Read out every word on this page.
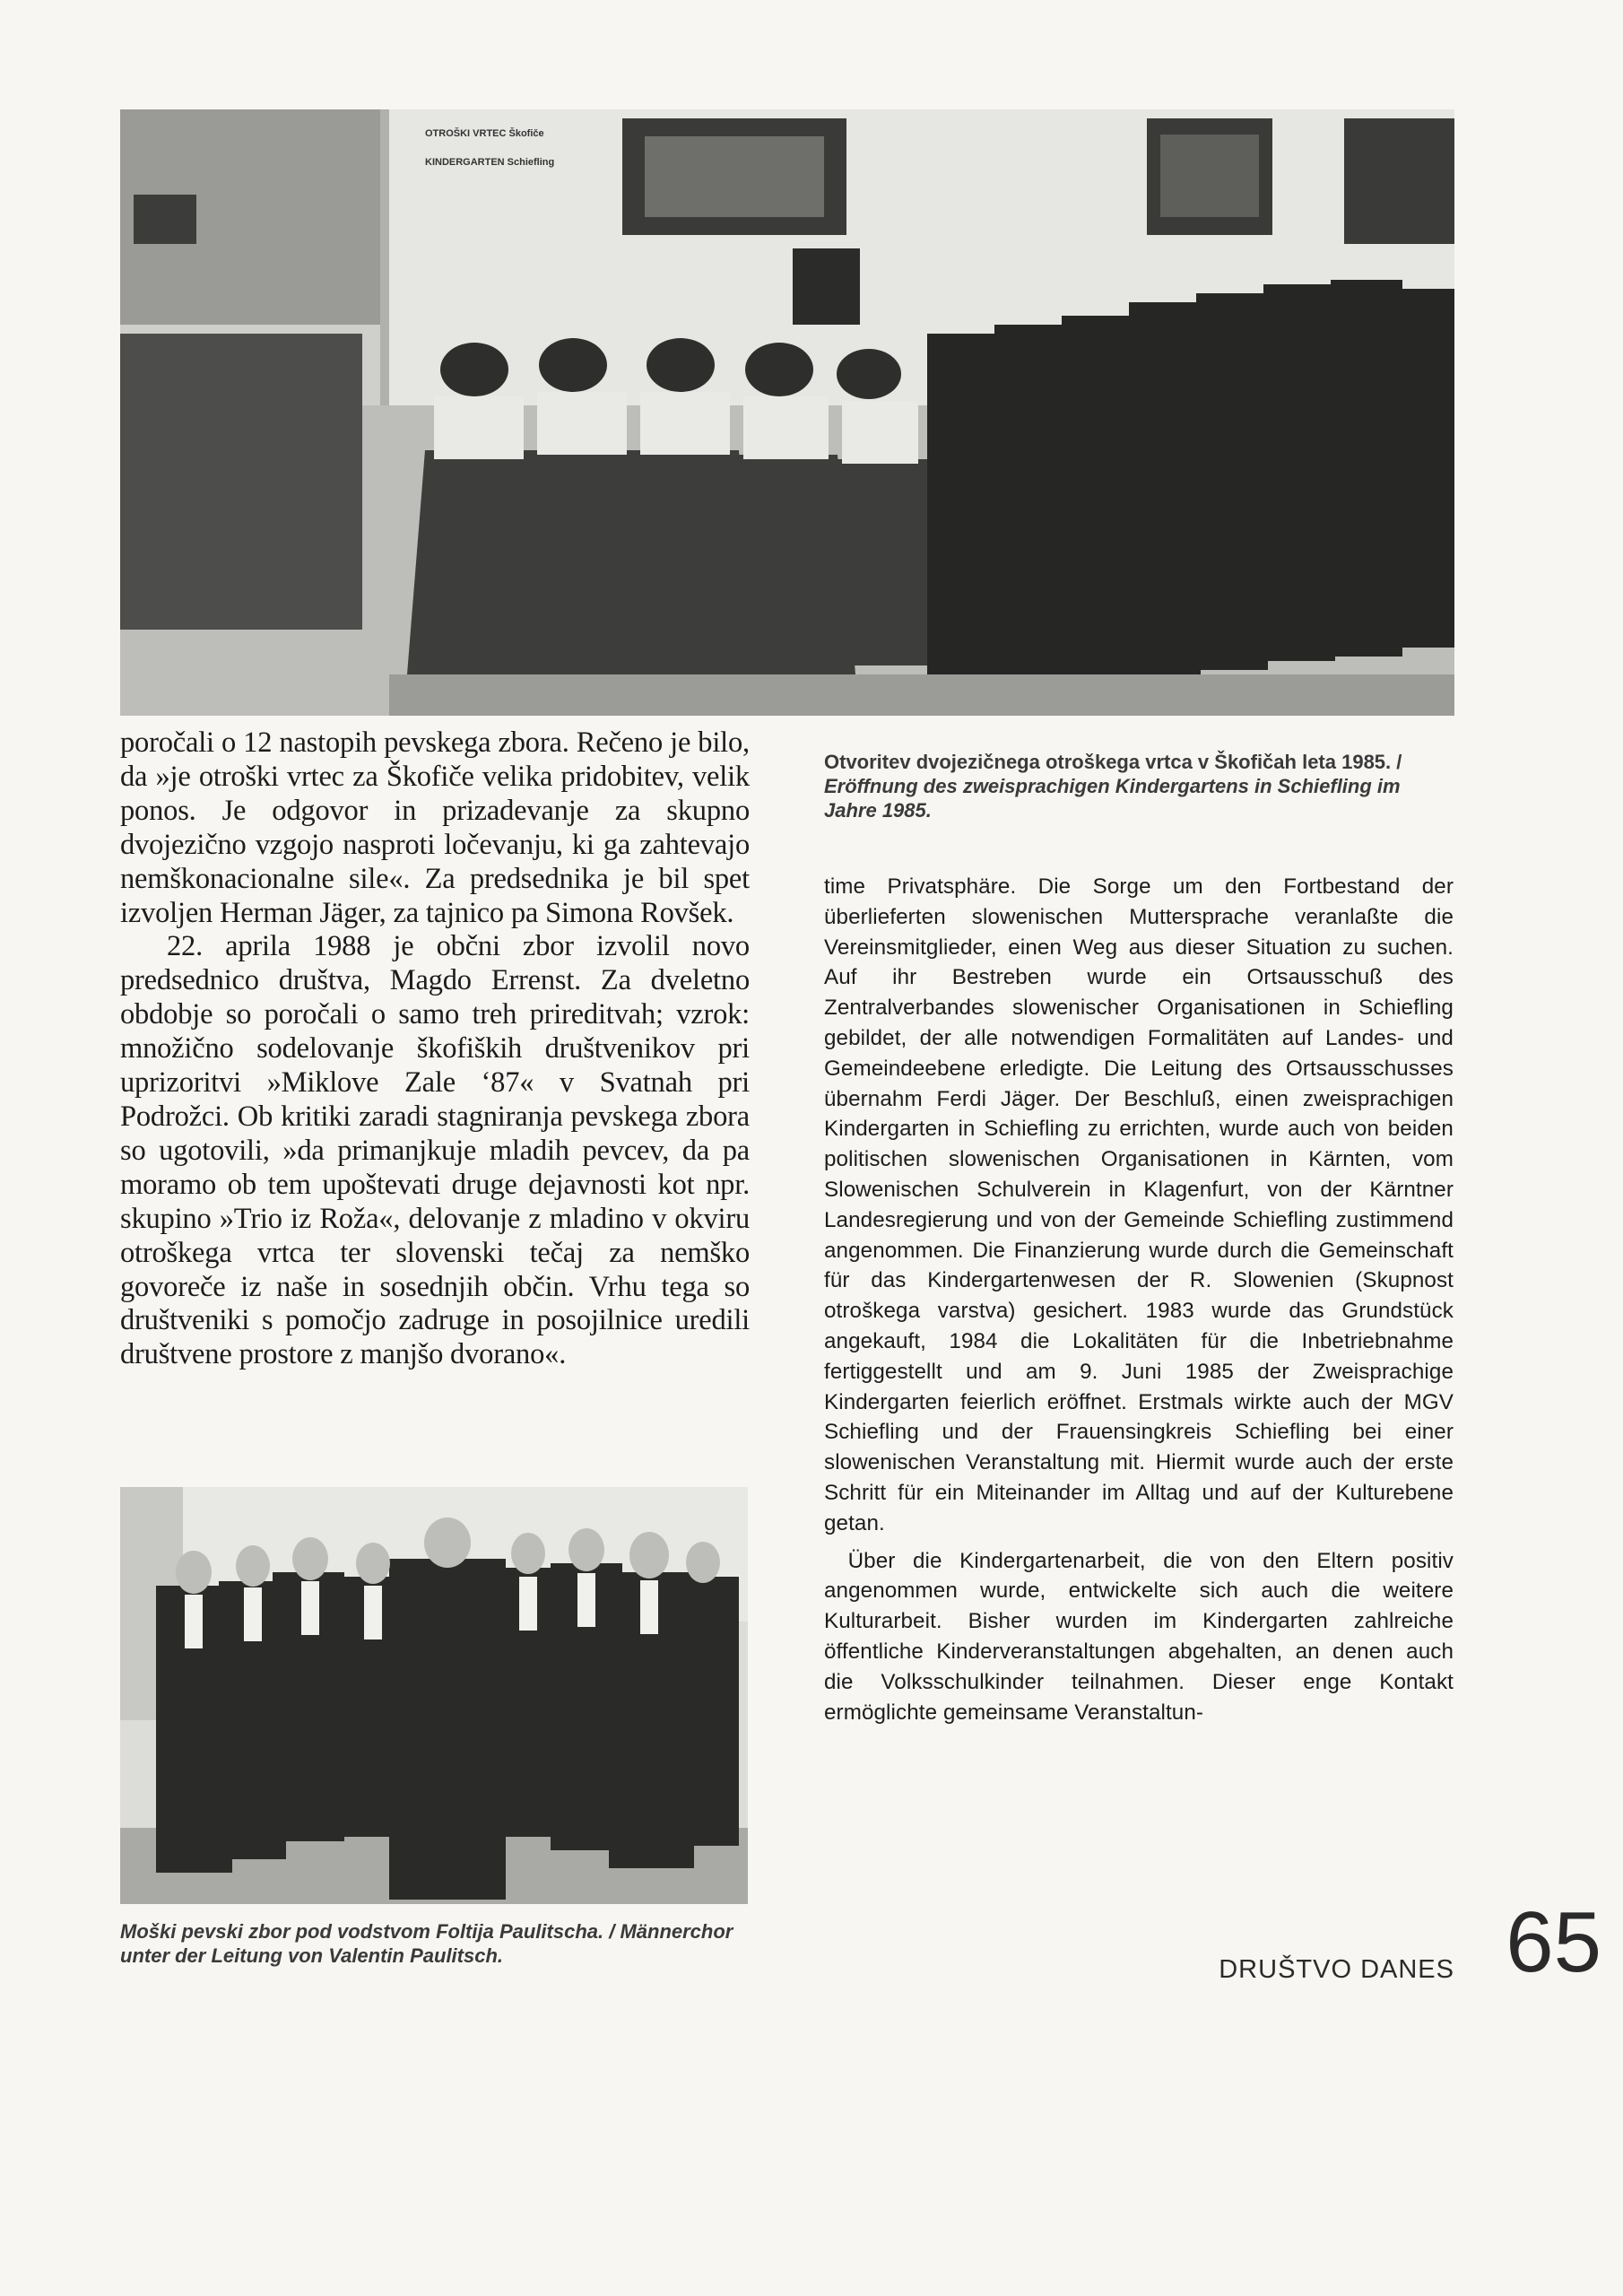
OTROŠKI VRTEC Škofiče
KINDERGARTEN Schiefling

poročali o 12 nastopih pevskega zbora. Rečeno je bilo, da »je otroški vrtec za Škofiče velika pridobitev, velik ponos. Je odgovor in prizadevanje za skupno dvojezično vzgojo nasproti ločevanju, ki ga zahtevajo nemškonacionalne sile«. Za predsednika je bil spet izvoljen Herman Jäger, za tajnico pa Simona Rovšek.

22. aprila 1988 je občni zbor izvolil novo predsednico društva, Magdo Errenst. Za dveletno obdobje so poročali o samo treh prireditvah; vzrok: množično sodelovanje škofiških društvenikov pri uprizoritvi »Miklove Zale ‘87« v Svatnah pri Podrožci. Ob kritiki zaradi stagniranja pevskega zbora so ugotovili, »da primanjkuje mladih pevcev, da pa moramo ob tem upoštevati druge dejavnosti kot npr. skupino »Trio iz Roža«, delovanje z mladino v okviru otroškega vrtca ter slovenski tečaj za nemško govoreče iz naše in sosednjih občin. Vrhu tega so društveniki s pomočjo zadruge in posojilnice uredili društvene prostore z manjšo dvorano«.

Otvoritev dvojezičnega otroškega vrtca v Škofičah leta 1985. / Eröffnung des zweisprachigen Kindergartens in Schiefling im Jahre 1985.

time Privatsphäre. Die Sorge um den Fortbestand der überlieferten slowenischen Muttersprache veranlaßte die Vereinsmitglieder, einen Weg aus dieser Situation zu suchen. Auf ihr Bestreben wurde ein Ortsausschuß des Zentralverbandes slowenischer Organisationen in Schiefling gebildet, der alle notwendigen Formalitäten auf Landes- und Gemeindeebene erledigte. Die Leitung des Ortsausschusses übernahm Ferdi Jäger. Der Beschluß, einen zweisprachigen Kindergarten in Schiefling zu errichten, wurde auch von beiden politischen slowenischen Organisationen in Kärnten, vom Slowenischen Schulverein in Klagenfurt, von der Kärntner Landesregierung und von der Gemeinde Schiefling zustimmend angenommen. Die Finanzierung wurde durch die Gemeinschaft für das Kindergartenwesen der R. Slowenien (Skupnost otroškega varstva) gesichert. 1983 wurde das Grundstück angekauft, 1984 die Lokalitäten für die Inbetriebnahme fertiggestellt und am 9. Juni 1985 der Zweisprachige Kindergarten feierlich eröffnet. Erstmals wirkte auch der MGV Schiefling und der Frauensingkreis Schiefling bei einer slowenischen Veranstaltung mit. Hiermit wurde auch der erste Schritt für ein Miteinander im Alltag und auf der Kulturebene getan.

Über die Kindergartenarbeit, die von den Eltern positiv angenommen wurde, entwickelte sich auch die weitere Kulturarbeit. Bisher wurden im Kindergarten zahlreiche öffentliche Kinderveranstaltungen abgehalten, an denen auch die Volksschulkinder teilnahmen. Dieser enge Kontakt ermöglichte gemeinsame Veranstaltun-

Moški pevski zbor pod vodstvom Foltija Paulitscha. / Männerchor unter der Leitung von Valentin Paulitsch.	DRUŠTVO DANES 65
